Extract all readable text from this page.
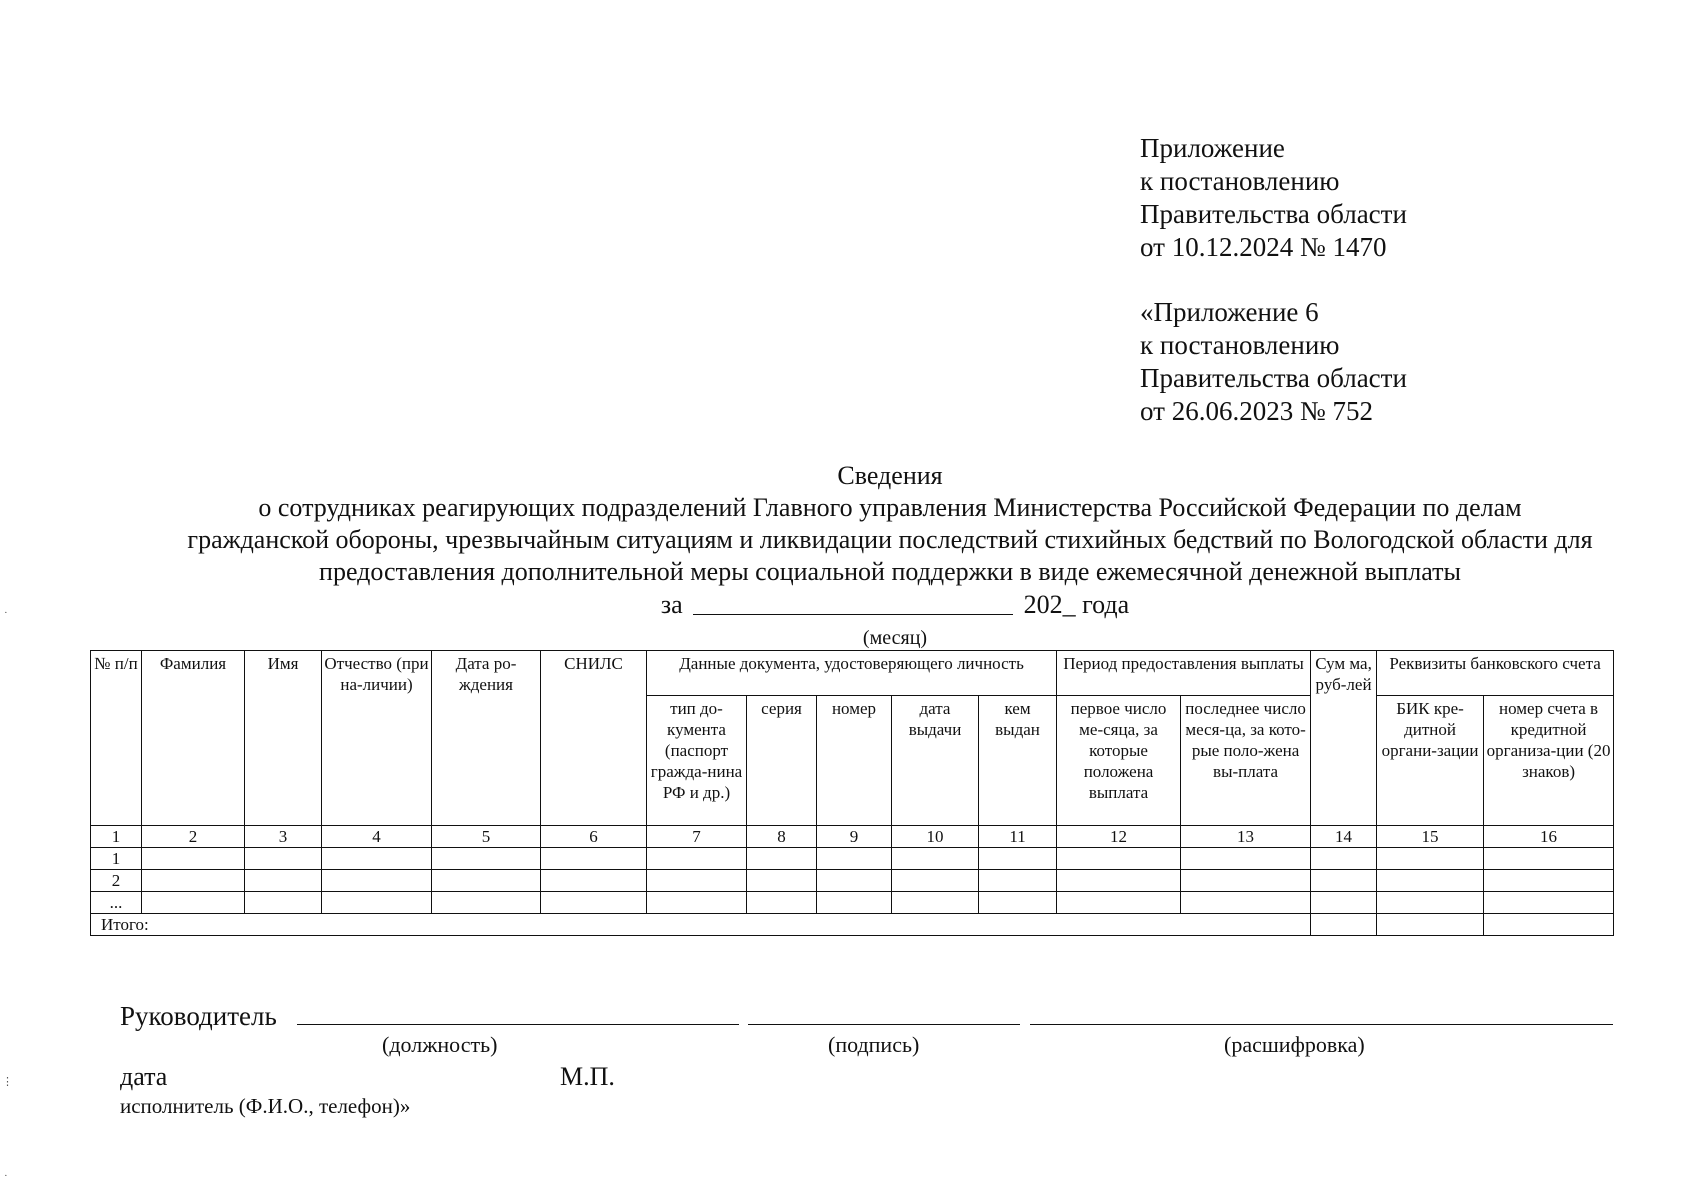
Приложение
к постановлению
Правительства области
от 10.12.2024 № 1470
«Приложение 6
к постановлению
Правительства области
от 26.06.2023 № 752
Сведения
о сотрудниках реагирующих подразделений Главного управления Министерства Российской Федерации по делам
гражданской обороны, чрезвычайным ситуациям и ликвидации последствий стихийных бедствий по Вологодской области для
предоставления дополнительной меры социальной поддержки в виде ежемесячной денежной выплаты
за	202_ года
(месяц)
№ п/п	Фамилия	Имя	Отчество (при на-личии)	Дата ро-ждения	СНИЛС	Данные документа, удостоверяющего личность					Период предоставления выплаты		Сум ма, руб-лей	Реквизиты банковского счета	
						тип до-кумента (паспорт гражда-нина РФ и др.)	серия	номер	дата выдачи	кем выдан	первое число ме-сяца, за которые положена выплата	последнее число меся-ца, за кото-рые поло-жена вы-плата		БИК кре-дитной органи-зации	номер счета в кредитной организа-ции (20 знаков)
1	2	3	4	5	6	7	8	9	10	11	12	13	14	15	16
1															
2															
...															
Итого:															
Руководитель
(должность)	(подпись)	(расшифровка)
дата	М.П.
исполнитель (Ф.И.О., телефон)»
·
⋮
·
